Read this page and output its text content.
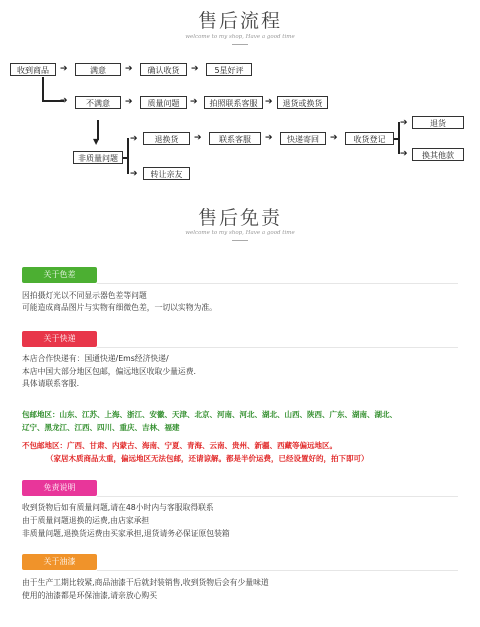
售后流程
welcome to my shop, Have a good time
收到商品	➔	满意	➔	确认收货	➔	5星好评
➔	不满意	➔	质量问题	➔	拍照联系客服 ➔	退货或换货
▼
非质量问题
➔
➔
退换货	➔	联系客服	➔	快递寄回	➔	收货登记
转让亲友
➔
➔
退货
换其他款
售后免责
welcome to my shop, Have a good time
关于色差
因拍摄灯光以不同显示器色差等问题
可能造成商品图片与实物有细微色差，一切以实物为准。
关于快递
本店合作快递有：国通快递/Ems经济快递/
本店中国大部分地区包邮，偏远地区收取少量运费.
具体请联系客服.
包邮地区：山东、江苏、上海、浙江、安徽、天津、北京、河南、河北、湖北、山西、陕西、广东、湖南、湖北、
辽宁、黑龙江、江西、四川、重庆、吉林、福建
不包邮地区：广西、甘肃、内蒙古、海南、宁夏、青海、云南、贵州、新疆、西藏等偏远地区。
（家居木质商品太重，偏远地区无法包邮，还请谅解。都是半价运费，已经设置好的，拍下即可）
免责说明
收到货物后如有质量问题,请在48小时内与客服取得联系
由于质量问题退换的运费,由店家承担
非质量问题,退换货运费由买家承担,退货请务必保证原包装箱
关于油漆
由于生产工期比较紧,商品油漆干后就封装销售,收到货物后会有少量味道
使用的油漆都是环保油漆,请亲放心购买
